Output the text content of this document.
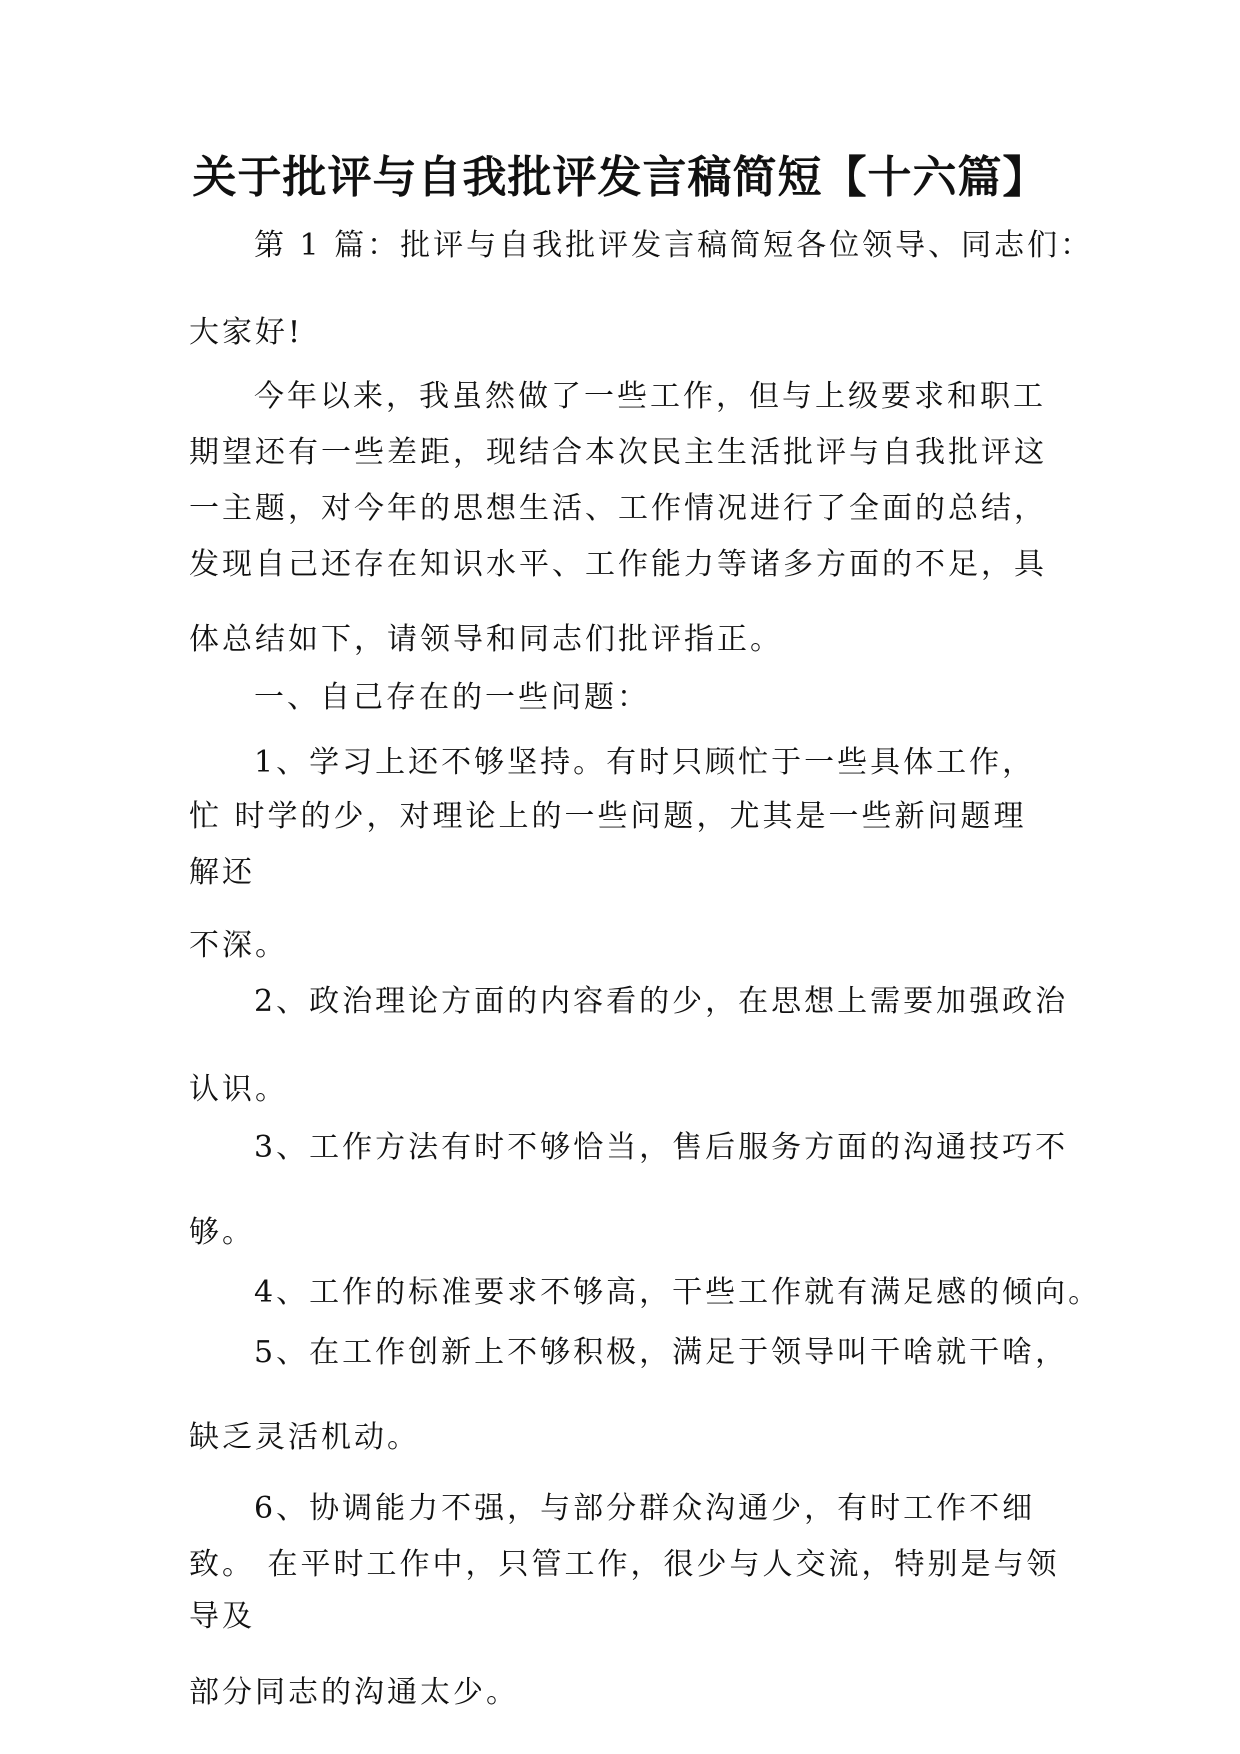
关于批评与自我批评发言稿简短【十六篇】
第 1 篇：批评与自我批评发言稿简短各位领导、同志们：
大家好!
今年以来，我虽然做了一些工作，但与上级要求和职工
期望还有一些差距，现结合本次民主生活批评与自我批评这
一主题，对今年的思想生活、工作情况进行了全面的总结，
发现自己还存在知识水平、工作能力等诸多方面的不足，具
体总结如下，请领导和同志们批评指正。
一、自己存在的一些问题：
1、学习上还不够坚持。有时只顾忙于一些具体工作，
忙 时学的少，对理论上的一些问题，尤其是一些新问题理
解还
不深。
2、政治理论方面的内容看的少，在思想上需要加强政治
认识。
3、工作方法有时不够恰当，售后服务方面的沟通技巧不
够。
4、工作的标准要求不够高，干些工作就有满足感的倾向。
5、在工作创新上不够积极，满足于领导叫干啥就干啥，
缺乏灵活机动。
6、协调能力不强，与部分群众沟通少，有时工作不细
致。 在平时工作中，只管工作，很少与人交流，特别是与领
导及
部分同志的沟通太少。
